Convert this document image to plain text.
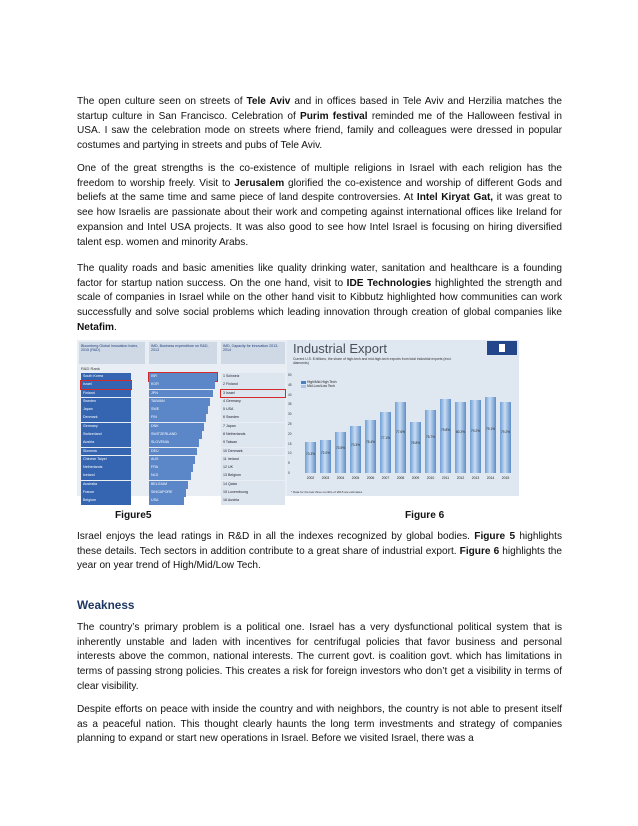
The open culture seen on streets of Tele Aviv and in offices based in Tele Aviv and Herzilia matches the startup culture in San Francisco. Celebration of Purim festival reminded me of the Halloween festival in USA. I saw the celebration mode on streets where friend, family and colleagues were dressed in popular costumes and partying in streets and pubs of Tele Aviv.

One of the great strengths is the co-existence of multiple religions in Israel with each religion has the freedom to worship freely. Visit to Jerusalem glorified the co-existence and worship of different Gods and beliefs at the same time and same piece of land despite controversies. At Intel Kiryat Gat, it was great to see how Israelis are passionate about their work and competing against international offices like Ireland for expansion and Intel USA projects. It was also good to see how Intel Israel is focusing on hiring diversified talent esp. women and minority Arabs.

The quality roads and basic amenities like quality drinking water, sanitation and healthcare is a founding factor for startup nation success. On the one hand, visit to IDE Technologies highlighted the strength and scale of companies in Israel while on the other hand visit to Kibbutz highlighted how communities can work successfully and solve social problems which leading innovation through creation of global companies like Netafim.

Bloomberg Global Innovation Index, 2015 (R&D)
IMD, Business expenditure on R&D, 2013
IMD, Capacity for innovation 2013-2014
R&D Rank
South Korea
Israel
Finland
Sweden
Japan
Denmark
Germany
Switzerland
Austria
Slovenia
Chinese Taipei
Netherlands
Iceland
Australia
France
Belgium
ISR
KOR
JPN
TAIWAN
SWE
FIN
DNK
SWITZERLAND
SLOVENIA
DEU
AUS
FRA
NLD
BELGIUM
SINGAPORE
USA
1 Schweiz
2 Finland
3 Israel
4 Germany
5 USA
6 Sweden
7 Japan
8 Netherlands
9 Taiwan
10 Denmark
11 Ireland
12 UK
13 Belgium
14 Qatar
15 Luxembourg
16 Austria
Figure5
Industrial Export
Current U.S. $ billions, the share of high-tech and mid-high-tech exports from total industrial exports (excl. diamonds)
High/Mid-High Tech Mid-Low/Low Tech
0
5
10
15
20
25
30
35
40
45
50
73.3%
2002
72.0%
2003
73.5%
2004
73.3%
2005
75.4%
2006
77.1%
2007
77.6%
2008
75.8%
2009
75.7%
2010
79.8%
2011
80.2%
2012
79.2%
2013
79.1%
2014
79.2%
2015
* Data for the last three months of 2015 are estimates
Figure 6

Israel enjoys the lead ratings in R&D in all the indexes recognized by global bodies. Figure 5 highlights these details. Tech sectors in addition contribute to a great share of industrial export. Figure 6 highlights the year on year trend of High/Mid/Low Tech.

Weakness

The country’s primary problem is a political one. Israel has a very dysfunctional political system that is inherently unstable and laden with incentives for centrifugal policies that favor business and personal interests above the common, national interests. The current govt. is coalition govt. which has limitations in terms of passing strong policies. This creates a risk for foreign investors who don’t get a visibility in terms of clear visibility.

Despite efforts on peace with inside the country and with neighbors, the country is not able to present itself as a peaceful nation. This thought clearly haunts the long term investments and strategy of companies planning to expand or start new operations in Israel. Before we visited Israel, there was a
